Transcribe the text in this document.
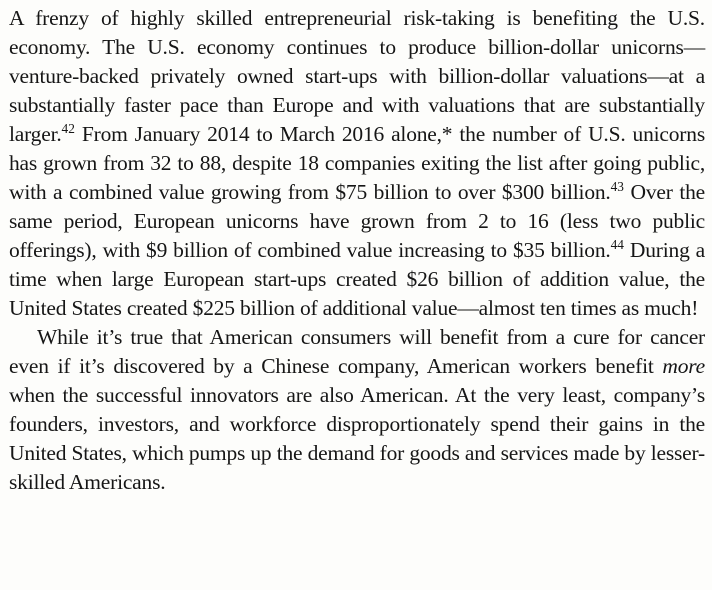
A frenzy of highly skilled entrepreneurial risk-taking is benefiting the U.S. economy. The U.S. economy continues to produce billion-dollar unicorns—venture-backed privately owned start-ups with billion-dollar valuations—at a substantially faster pace than Europe and with valuations that are substantially larger.$^{42}$ From January 2014 to March 2016 alone,* the number of U.S. unicorns has grown from 32 to 88, despite 18 companies exiting the list after going public, with a combined value growing from $75 billion to over $300 billion.$^{43}$ Over the same period, European unicorns have grown from 2 to 16 (less two public offerings), with $9 billion of combined value increasing to $35 billion.$^{44}$ During a time when large European start-ups created $26 billion of addition value, the United States created $225 billion of additional value—almost ten times as much!

While it’s true that American consumers will benefit from a cure for cancer even if it’s discovered by a Chinese company, American workers benefit more when the successful innovators are also American. At the very least, company’s founders, investors, and workforce disproportionately spend their gains in the United States, which pumps up the demand for goods and services made by lesser-skilled Americans.
